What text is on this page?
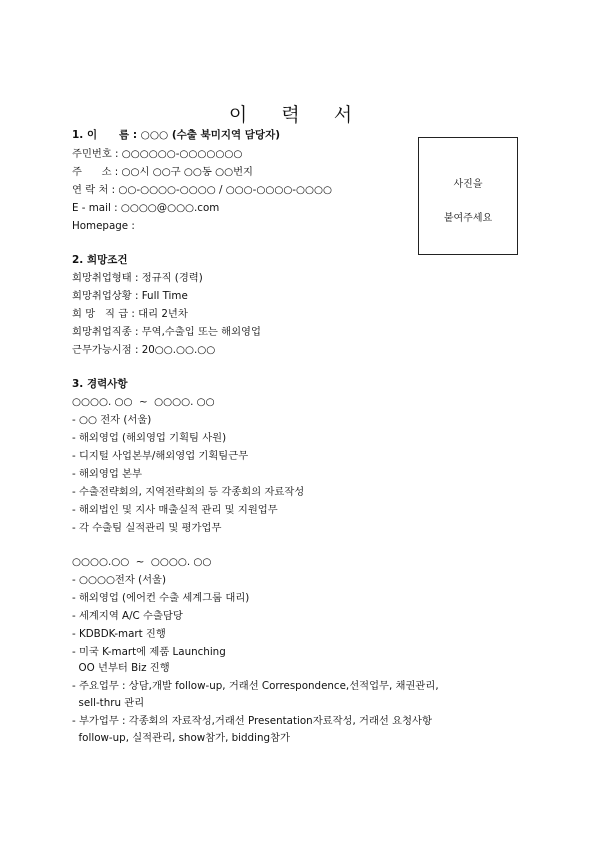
이 력 서
1. 이      름 : ○○○ (수출 북미지역 담당자)
주민번호 : ○○○○○○-○○○○○○○
주      소 : ○○시 ○○구 ○○동 ○○번지
연 락 처 : ○○-○○○○-○○○○ / ○○○-○○○○-○○○○
E - mail : ○○○○@○○○.com
Homepage :
사진을
붙여주세요
2. 희망조건
희망취업형태 : 정규직 (경력)
희망취업상황 : Full Time
희 망   직 급 : 대리 2년차
희망취업직종 : 무역,수출입 또는 해외영업
근무가능시점 : 20○○.○○.○○
3. 경력사항
○○○○. ○○  ~  ○○○○. ○○
- ○○ 전자 (서울)
- 해외영업 (해외영업 기획팀 사원)
- 디지털 사업본부/해외영업 기획팀근무
- 해외영업 본부
- 수출전략회의, 지역전략회의 등 각종회의 자료작성
- 해외법인 및 지사 매출실적 관리 및 지원업무
- 각 수출팀 실적관리 및 평가업무
○○○○.○○  ~  ○○○○. ○○
- ○○○○전자 (서울)
- 해외영업 (에어컨 수출 세계그룹 대리)
- 세계지역 A/C 수출담당
- KDBDK-mart 진행
- 미국 K-mart에 제품 Launching
OO 년부터 Biz 진행
- 주요업무 : 상담,개발 follow-up, 거래선 Correspondence,선적업무, 채권관리,
sell-thru 관리
- 부가업무 : 각종회의 자료작성,거래선 Presentation자료작성, 거래선 요청사항
follow-up, 실적관리, show참가, bidding참가
